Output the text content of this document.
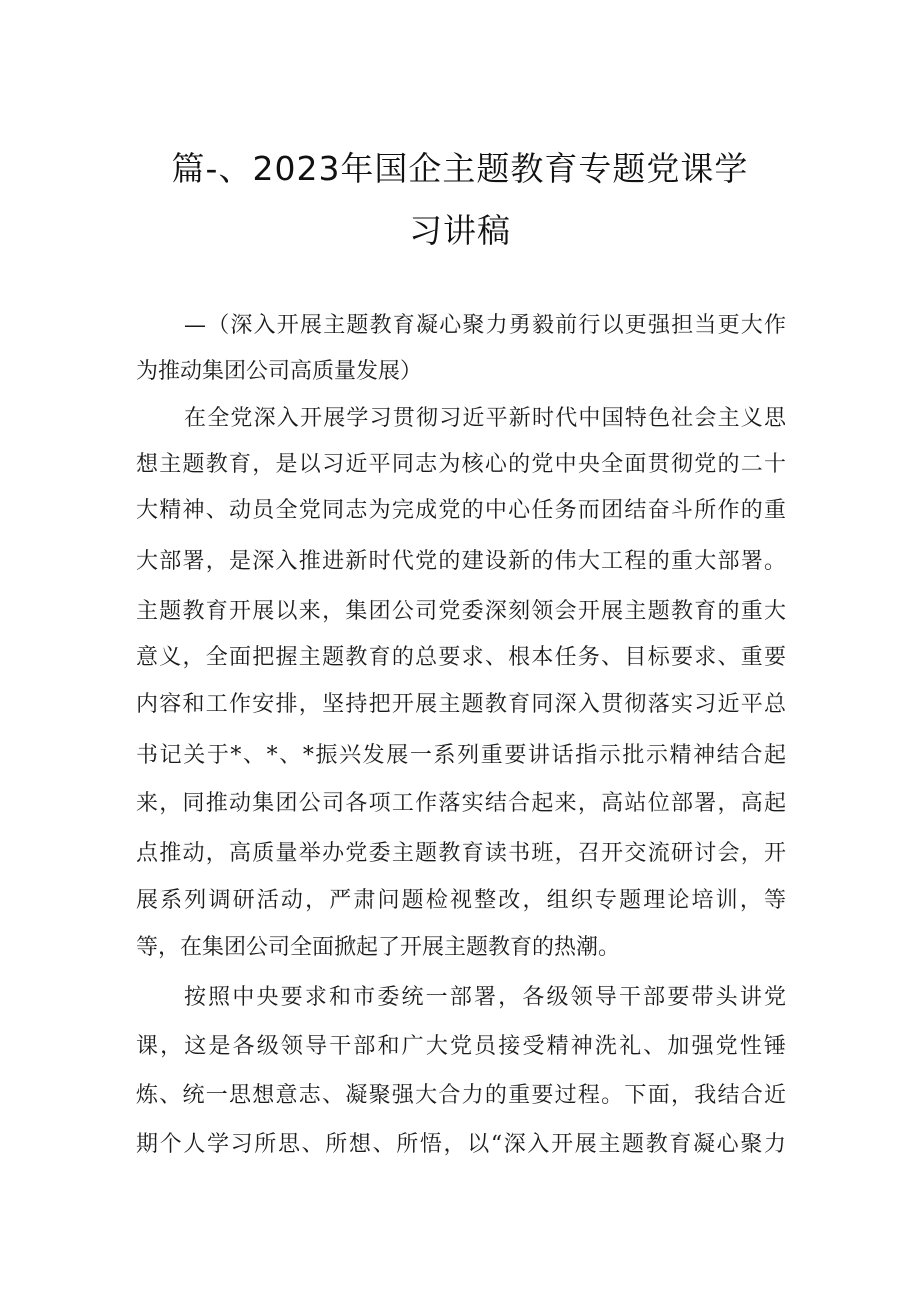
篇-、2023年国企主题教育专题党课学
习讲稿
—（深入开展主题教育凝心聚力勇毅前行以更强担当更大作
为推动集团公司高质量发展）
在全党深入开展学习贯彻习近平新时代中国特色社会主义思
想主题教育，是以习近平同志为核心的党中央全面贯彻党的二十
大精神、动员全党同志为完成党的中心任务而团结奋斗所作的重
大部署，是深入推进新时代党的建设新的伟大工程的重大部署。
主题教育开展以来，集团公司党委深刻领会开展主题教育的重大
意义，全面把握主题教育的总要求、根本任务、目标要求、重要
内容和工作安排，坚持把开展主题教育同深入贯彻落实习近平总
书记关于*、*、*振兴发展一系列重要讲话指示批示精神结合起
来，同推动集团公司各项工作落实结合起来，高站位部署，高起
点推动，高质量举办党委主题教育读书班，召开交流研讨会，开
展系列调研活动，严肃问题检视整改，组织专题理论培训，等
等，在集团公司全面掀起了开展主题教育的热潮。
按照中央要求和市委统一部署，各级领导干部要带头讲党
课，这是各级领导干部和广大党员接受精神洗礼、加强党性锤
炼、统一思想意志、凝聚强大合力的重要过程。下面，我结合近
期个人学习所思、所想、所悟，以“深入开展主题教育凝心聚力
